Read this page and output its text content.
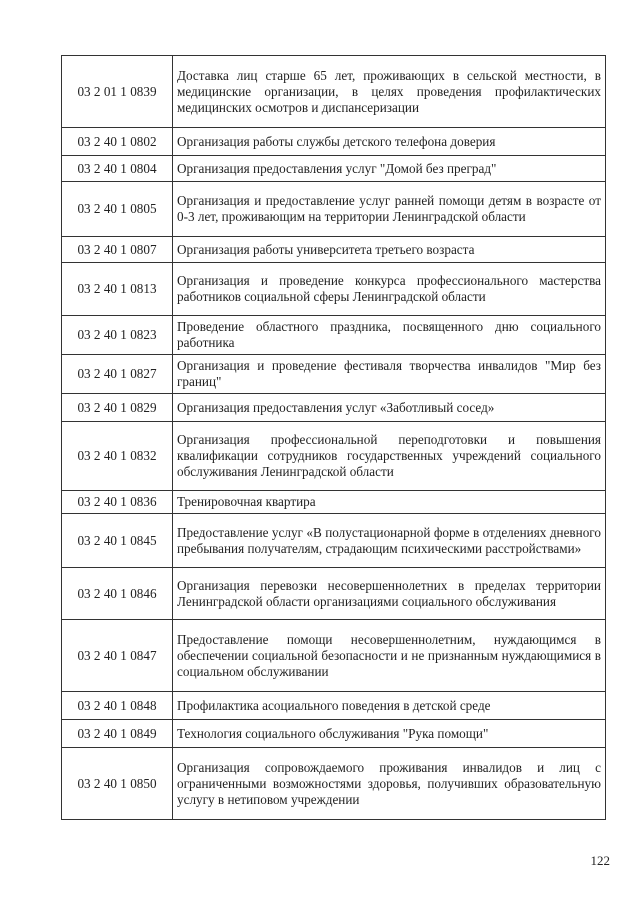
03 2 01 1 0839	Доставка лиц старше 65 лет, проживающих в сельской местности, в медицинские организации, в целях проведения профилактических медицинских осмотров и диспансеризации
03 2 40 1 0802	Организация работы службы детского телефона доверия
03 2 40 1 0804	Организация предоставления услуг "Домой без преград"
03 2 40 1 0805	Организация и предоставление услуг ранней помощи детям в возрасте от 0-3 лет, проживающим на территории Ленинградской области
03 2 40 1 0807	Организация работы университета третьего возраста
03 2 40 1 0813	Организация и проведение конкурса профессионального мастерства работников социальной сферы Ленинградской области
03 2 40 1 0823	Проведение областного праздника, посвященного дню социального работника
03 2 40 1 0827	Организация и проведение фестиваля творчества инвалидов "Мир без границ"
03 2 40 1 0829	Организация предоставления услуг «Заботливый сосед»
03 2 40 1 0832	Организация профессиональной переподготовки и повышения квалификации сотрудников государственных учреждений социального обслуживания Ленинградской области
03 2 40 1 0836	Тренировочная квартира
03 2 40 1 0845	Предоставление услуг «В полустационарной форме в отделениях дневного пребывания получателям, страдающим психическими расстройствами»
03 2 40 1 0846	Организация перевозки несовершеннолетних в пределах территории Ленинградской области организациями социального обслуживания
03 2 40 1 0847	Предоставление помощи несовершеннолетним, нуждающимся в обеспечении социальной безопасности и не признанным нуждающимися в социальном обслуживании
03 2 40 1 0848	Профилактика асоциального поведения в детской среде
03 2 40 1 0849	Технология социального обслуживания "Рука помощи"
03 2 40 1 0850	Организация сопровождаемого проживания инвалидов и лиц с ограниченными возможностями здоровья, получивших образовательную услугу в нетиповом учреждении
122
